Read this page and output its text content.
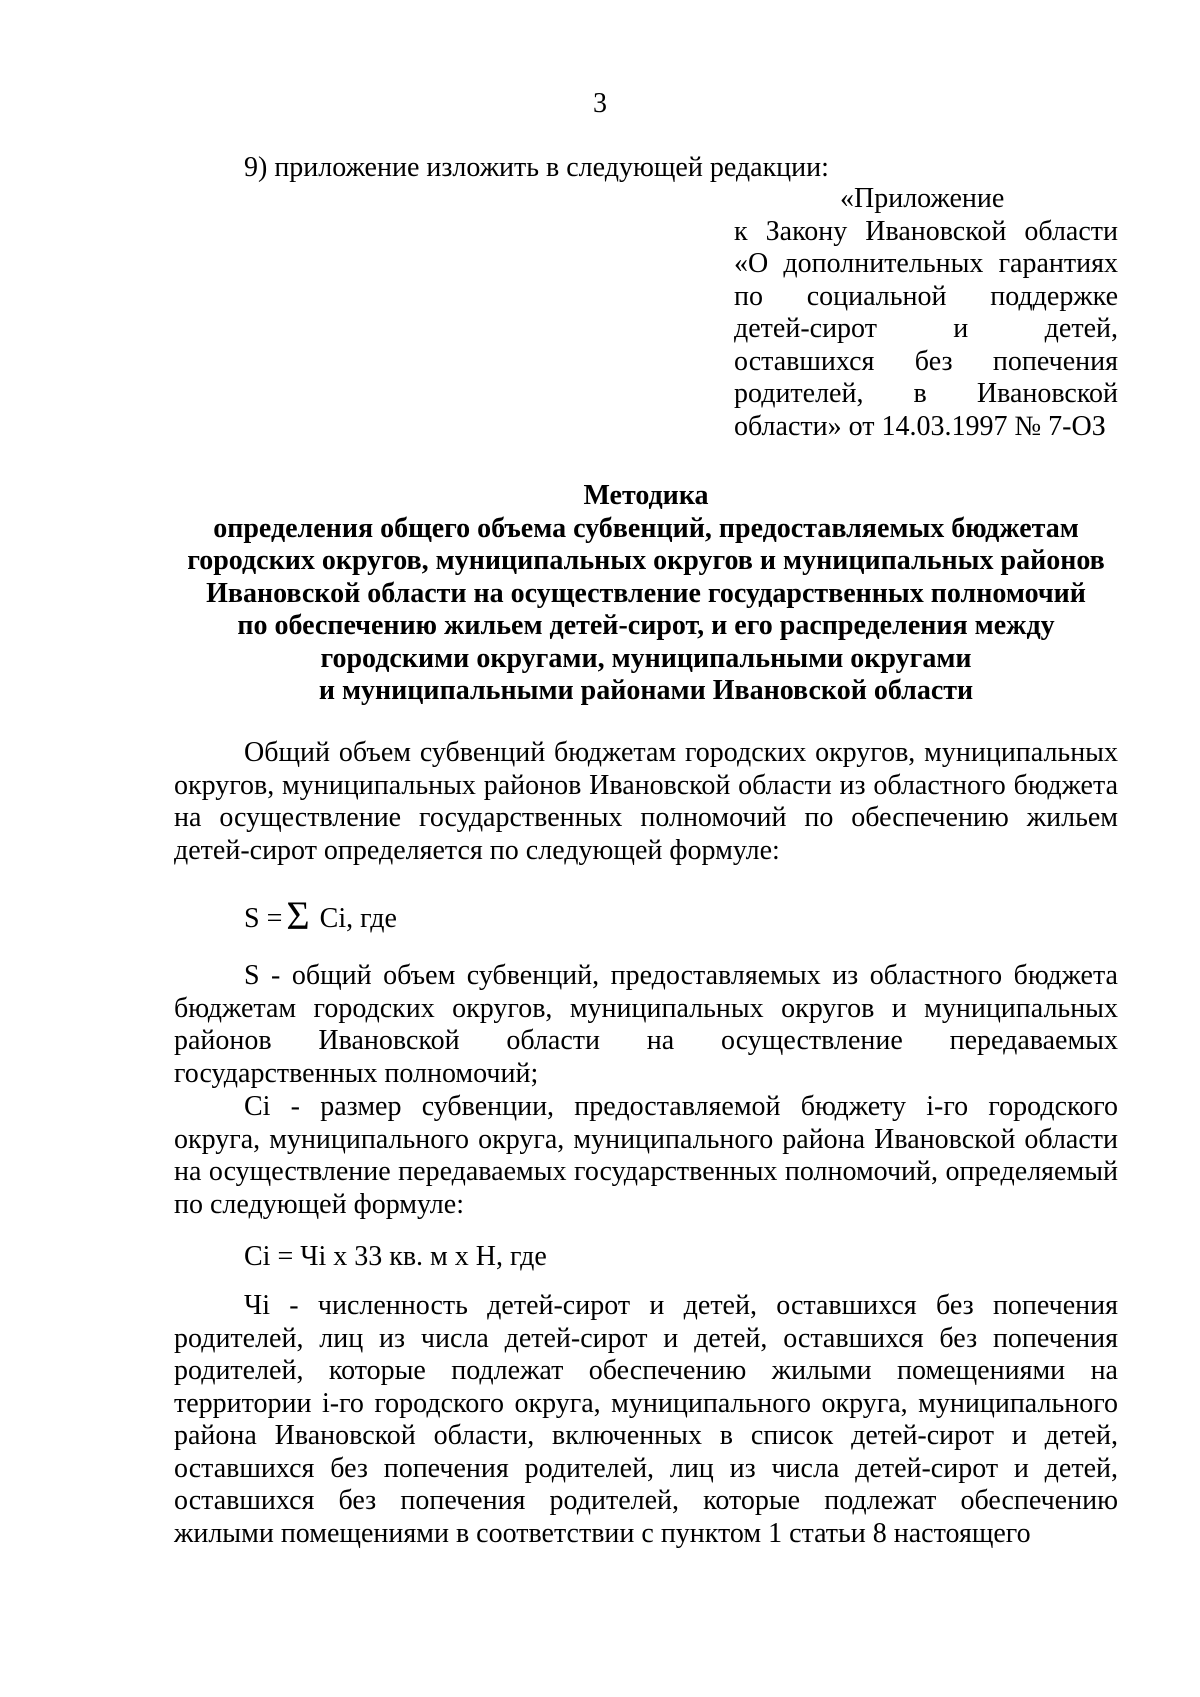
3
9) приложение изложить в следующей редакции:
«Приложение
к Закону Ивановской области
«О дополнительных гарантиях
по социальной поддержке
детей-сирот и детей,
оставшихся без попечения
родителей, в Ивановской
области» от 14.03.1997 № 7-ОЗ
Методика
определения общего объема субвенций, предоставляемых бюджетам
городских округов, муниципальных округов и муниципальных районов
Ивановской области на осуществление государственных полномочий
по обеспечению жильем детей-сирот, и его распределения между
городскими округами, муниципальными округами
и муниципальными районами Ивановской области
Общий объем субвенций бюджетам городских округов, муниципальных округов, муниципальных районов Ивановской области из областного бюджета на осуществление государственных полномочий по обеспечению жильем детей-сирот определяется по следующей формуле:
S = Σ Ci, где
S - общий объем субвенций, предоставляемых из областного бюджета бюджетам городских округов, муниципальных округов и муниципальных районов Ивановской области на осуществление передаваемых государственных полномочий;
Ci - размер субвенции, предоставляемой бюджету i-го городского округа, муниципального округа, муниципального района Ивановской области на осуществление передаваемых государственных полномочий, определяемый по следующей формуле:
Ci = Чi х 33 кв. м х Н, где
Чi - численность детей-сирот и детей, оставшихся без попечения родителей, лиц из числа детей-сирот и детей, оставшихся без попечения родителей, которые подлежат обеспечению жилыми помещениями на территории i-го городского округа, муниципального округа, муниципального района Ивановской области, включенных в список детей-сирот и детей, оставшихся без попечения родителей, лиц из числа детей-сирот и детей, оставшихся без попечения родителей, которые подлежат обеспечению жилыми помещениями в соответствии с пунктом 1 статьи 8 настоящего
